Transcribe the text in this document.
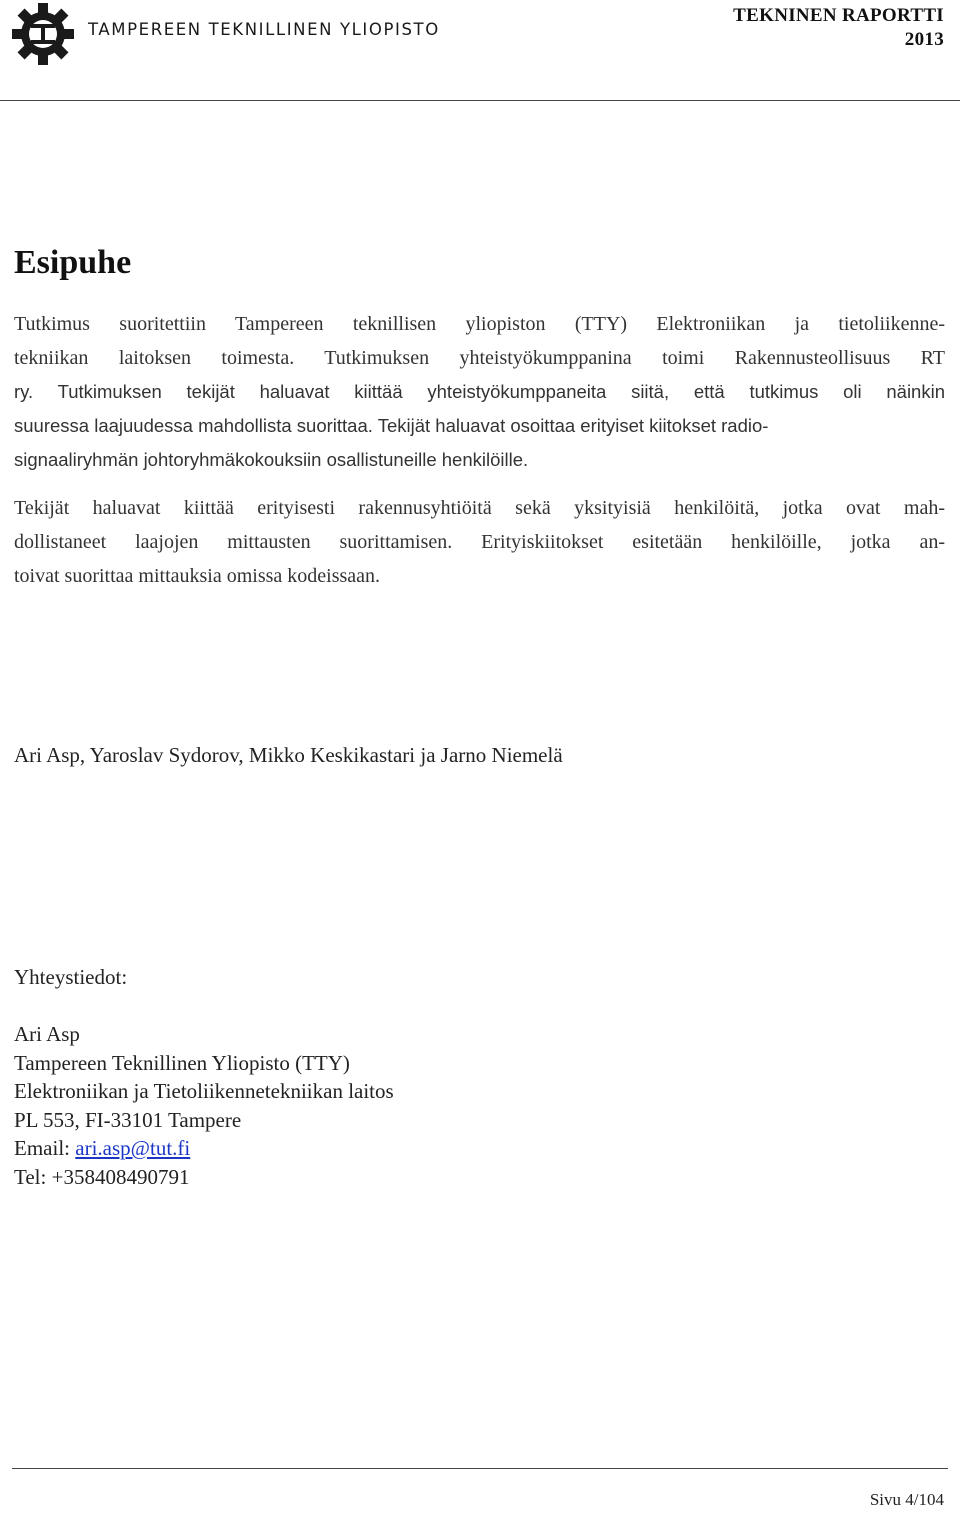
TAMPEREEN TEKNILLINEN YLIOPISTO
TEKNINEN RAPORTTI
2013
Esipuhe
Tutkimus suoritettiin Tampereen teknillisen yliopiston (TTY) Elektroniikan ja tietoliikenne-
tekniikan laitoksen toimesta. Tutkimuksen yhteistyökumppanina toimi Rakennusteollisuus RT
ry. Tutkimuksen tekijät haluavat kiittää yhteistyökumppaneita siitä, että tutkimus oli näinkin
suuressa laajuudessa mahdollista suorittaa. Tekijät haluavat osoittaa erityiset kiitokset radio-
signaaliryhmän johtoryhmäkokouksiin osallistuneille henkilöille.
Tekijät haluavat kiittää erityisesti rakennusyhtiöitä sekä yksityisiä henkilöitä, jotka ovat mah-
dollistaneet laajojen mittausten suorittamisen. Erityiskiitokset esitetään henkilöille, jotka an-
toivat suorittaa mittauksia omissa kodeissaan.
Ari Asp, Yaroslav Sydorov, Mikko Keskikastari ja Jarno Niemelä
Yhteystiedot:
Ari Asp
Tampereen Teknillinen Yliopisto (TTY)
Elektroniikan ja Tietoliikennetekniikan laitos
PL 553, FI-33101 Tampere
Email: ari.asp@tut.fi
Tel: +358408490791
Sivu 4/104
